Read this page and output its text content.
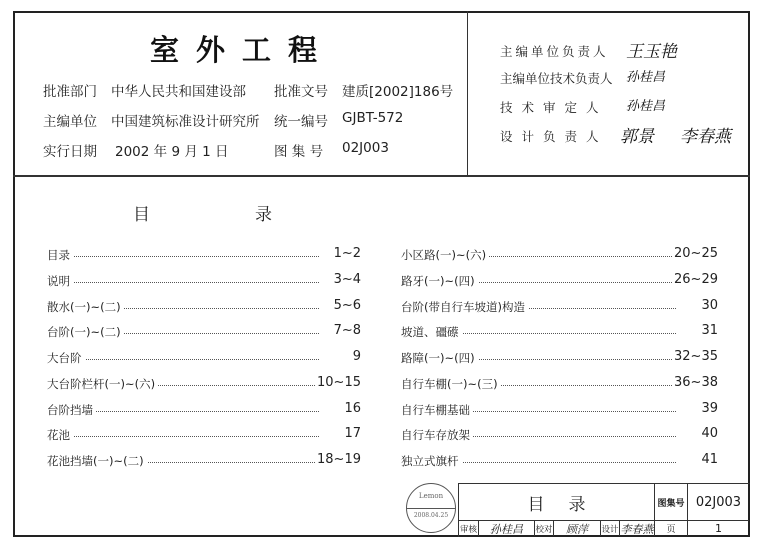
室外工程
批准部门 中华人民共和国建设部 批准文号 建质[2002]186号
主编单位 中国建筑标准设计研究所 统一编号 GJBT-572
实行日期 2002 年 9 月 1 日	图 集 号 02J003
主编单位负责人 王玉艳
主编单位技术负责人 孙桂昌
技术审定人 孙桂昌
设计负责人 郭景 李春燕
目	录
目录	1~2
说明	3~4
散水(一)~(二)	5~6
台阶(一)~(二)	7~8
大台阶	9
大台阶栏杆(一)~(六)	10~15
台阶挡墙	16
花池	17
花池挡墙(一)~(二)	18~19
小区路(一)~(六)	20~25
路牙(一)~(四)	26~29
台阶(带自行车坡道)构造	30
坡道、礓礤	31
路障(一)~(四)	32~35
自行车棚(一)~(三)	36~38
自行车棚基础	39
自行车存放架	40
独立式旗杆	41
Lemon
2008.04.25
目录	图集号 02J003
审核	孙桂昌	校对	顾萍	设计 李春燕	页	1
